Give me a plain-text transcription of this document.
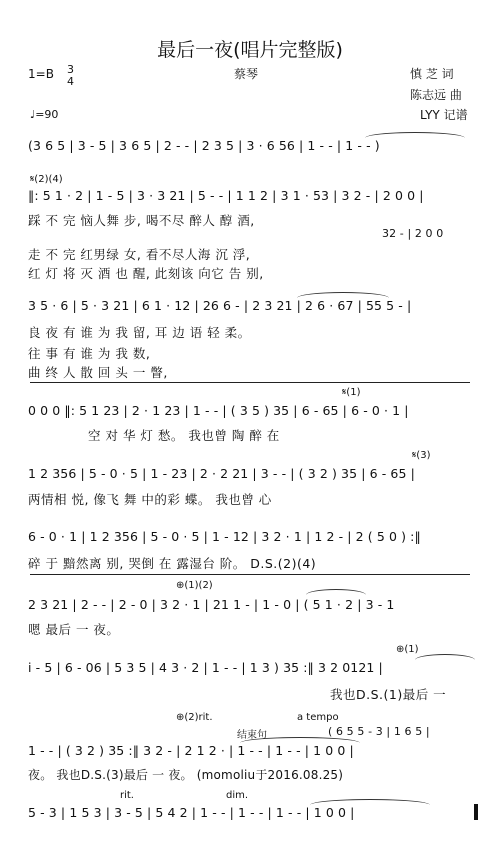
最后一夜(唱片完整版)
1=B 3
4
蔡琴	慎 芝 词
陈志远 曲
LYY 记谱
♩=90
(3 6 5 | 3 - 5 | 3 6 5 | 2 - - | 2 3 5 | 3 · 6 56 | 1 - - | 1 - - )
𝄋(2)(4)
‖: 5 1 · 2 | 1 - 5 | 3 · 3 21 | 5 - - | 1 1 2 | 3 1 · 53 | 3 2 - | 2 0 0 |
踩 不 完 恼人舞 步, 喝不尽 醉人 醇 酒,
32 - | 2 0 0
走 不 完 红男绿 女, 看不尽人海 沉 浮,
红 灯 将 灭 酒 也 醒, 此刻该 向它 告 别,
3 5 · 6 | 5 · 3 21 | 6 1 · 12 | 26 6 - | 2 3 21 | 2 6 · 67 | 55 5 - |
良 夜 有 谁 为 我 留, 耳 边 语 轻 柔。
往 事 有 谁 为 我 数,
曲 终 人 散 回 头 一 瞥,
𝄋(1)
0 0 0 ‖: 5 1 23 | 2 · 1 23 | 1 - - | ( 3 5 ) 35 | 6 - 65 | 6 - 0 · 1 |
空 对 华 灯 愁。 我也曾 陶 醉 在
𝄋(3)
1 2 356 | 5 - 0 · 5 | 1 - 23 | 2 · 2 21 | 3 - - | ( 3 2 ) 35 | 6 - 65 |
两情相 悦, 像飞 舞 中的彩 蝶。 我也曾 心
6 - 0 · 1 | 1 2 356 | 5 - 0 · 5 | 1 - 12 | 3 2 · 1 | 1 2 - | 2 ( 5 0 ) :‖
碎 于 黯然离 别, 哭倒 在 露湿台 阶。 D.S.(2)(4)
⊕(1)(2)
2 3 21 | 2 - - | 2 - 0 | 3 2 · 1 | 21 1 - | 1 - 0 | ( 5 1 · 2 | 3 - 1
嗯 最后 一 夜。
⊕(1)
i - 5 | 6 - 06 | 5 3 5 | 4 3 · 2 | 1 - - | 1 3 ) 35 :‖ 3 2 0121 |
我也D.S.(1)最后 一
⊕(2)rit.	a tempo
结束句	( 6 5 5 - 3 | 1 6 5 |
1 - - | ( 3 2 ) 35 :‖ 3 2 - | 2 1 2 · | 1 - - | 1 - - | 1 0 0 |
夜。 我也D.S.(3)最后 一 夜。 (momoliu于2016.08.25)
rit.	dim.
5 - 3 | 1 5 3 | 3 - 5 | 5 4 2 | 1 - - | 1 - - | 1 - - | 1 0 0 |
